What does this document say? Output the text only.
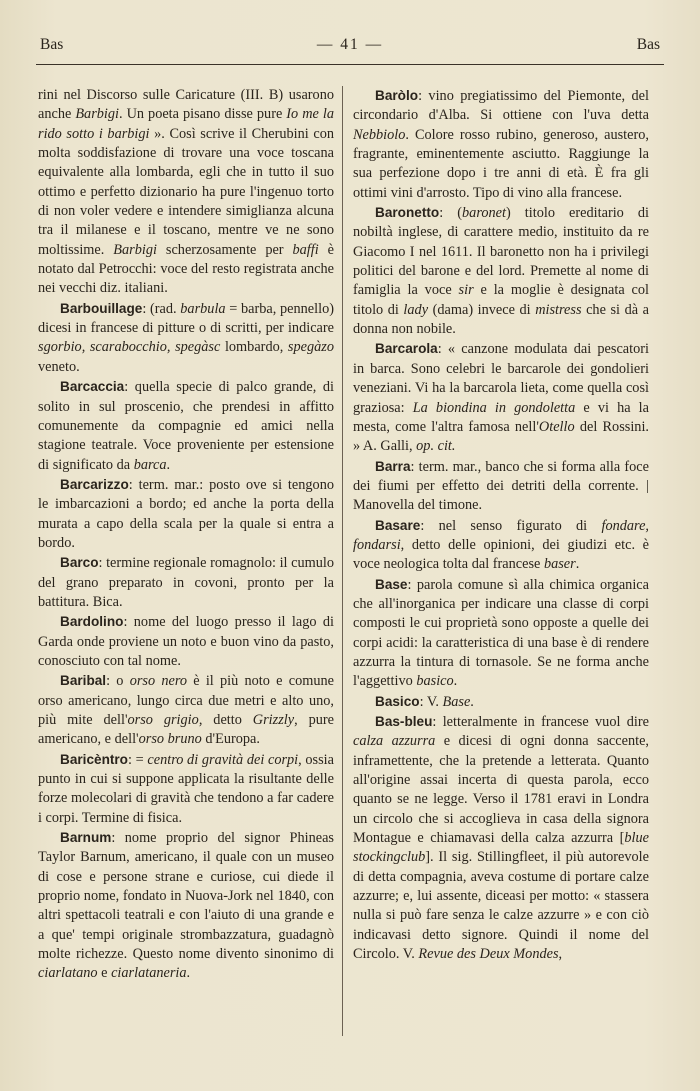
Bas	— 41 —	Bas

rini nel Discorso sulle Caricature (III. B) usarono anche Barbigi. Un poeta pisano disse pure Io me la rido sotto i barbigi ». Così scrive il Cherubini con molta soddisfazione di trovare una voce toscana equivalente alla lombarda, egli che in tutto il suo ottimo e perfetto dizionario ha pure l'ingenuo torto di non voler vedere e intendere simiglianza alcuna tra il milanese e il toscano, mentre ve ne sono moltissime. Barbigi scherzosamente per baffi è notato dal Petrocchi: voce del resto registrata anche nei vecchi diz. italiani.

Barbouillage: (rad. barbula = barba, pennello) dicesi in francese di pitture o di scritti, per indicare sgorbio, scarabocchio, spegàsc lombardo, spegàzo veneto.

Barcaccia: quella specie di palco grande, di solito in sul proscenio, che prendesi in affitto comunemente da compagnie ed amici nella stagione teatrale. Voce proveniente per estensione di significato da barca.

Barcarizzo: term. mar.: posto ove si tengono le imbarcazioni a bordo; ed anche la porta della murata a capo della scala per la quale si entra a bordo.

Barco: termine regionale romagnolo: il cumulo del grano preparato in covoni, pronto per la battitura. Bica.

Bardolino: nome del luogo presso il lago di Garda onde proviene un noto e buon vino da pasto, conosciuto con tal nome.

Baribal: o orso nero è il più noto e comune orso americano, lungo circa due metri e alto uno, più mite dell'orso grigio, detto Grizzly, pure americano, e dell'orso bruno d'Europa.

Baricèntro: = centro di gravità dei corpi, ossia punto in cui si suppone applicata la risultante delle forze molecolari di gravità che tendono a far cadere i corpi. Termine di fisica.

Barnum: nome proprio del signor Phineas Taylor Barnum, americano, il quale con un museo di cose e persone strane e curiose, cui diede il proprio nome, fondato in Nuova-Jork nel 1840, con altri spettacoli teatrali e con l'aiuto di una grande e a que' tempi originale strombazzatura, guadagnò molte richezze. Questo nome divento sinonimo di ciarlatano e ciarlataneria.

Baròlo: vino pregiatissimo del Piemonte, del circondario d'Alba. Si ottiene con l'uva detta Nebbiolo. Colore rosso rubino, generoso, austero, fragrante, eminentemente asciutto. Raggiunge la sua perfezione dopo i tre anni di età. È fra gli ottimi vini d'arrosto. Tipo di vino alla francese.

Baronetto: (baronet) titolo ereditario di nobiltà inglese, di carattere medio, instituito da re Giacomo I nel 1611. Il baronetto non ha i privilegi politici del barone e del lord. Premette al nome di famiglia la voce sir e la moglie è designata col titolo di lady (dama) invece di mistress che si dà a donna non nobile.

Barcarola: « canzone modulata dai pescatori in barca. Sono celebri le barcarole dei gondolieri veneziani. Vi ha la barcarola lieta, come quella così graziosa: La biondina in gondoletta e vi ha la mesta, come l'altra famosa nell'Otello del Rossini. » A. Galli, op. cit.

Barra: term. mar., banco che si forma alla foce dei fiumi per effetto dei detriti della corrente. | Manovella del timone.

Basare: nel senso figurato di fondare, fondarsi, detto delle opinioni, dei giudizi etc. è voce neologica tolta dal francese baser.

Base: parola comune sì alla chimica organica che all'inorganica per indicare una classe di corpi composti le cui proprietà sono opposte a quelle dei corpi acidi: la caratteristica di una base è di rendere azzurra la tintura di tornasole. Se ne forma anche l'aggettivo basico.

Basico: V. Base.

Bas-bleu: letteralmente in francese vuol dire calza azzurra e dicesi di ogni donna saccente, inframettente, che la pretende a letterata. Quanto all'origine assai incerta di questa parola, ecco quanto se ne legge. Verso il 1781 eravi in Londra un circolo che si accoglieva in casa della signora Montague e chiamavasi della calza azzurra [blue stockingclub]. Il sig. Stillingfleet, il più autorevole di detta compagnia, aveva costume di portare calze azzurre; e, lui assente, diceasi per motto: « stassera nulla si può fare senza le calze azzurre » e con ciò indicavasi detto signore. Quindi il nome del Circolo. V. Revue des Deux Mondes,
